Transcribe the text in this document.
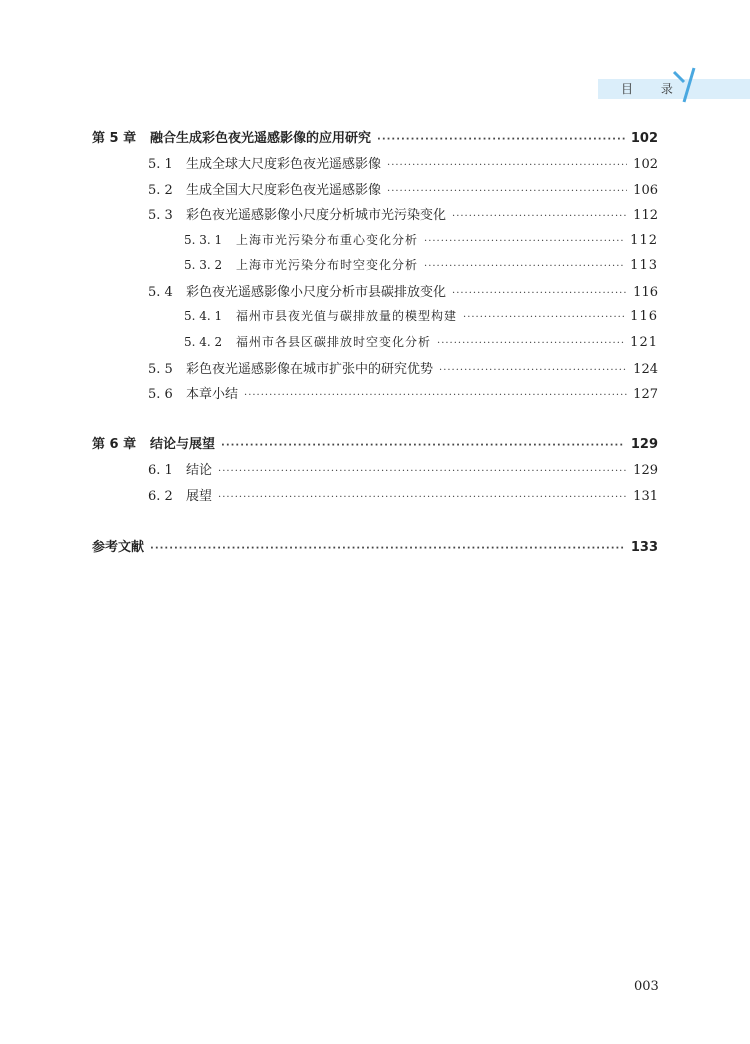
目 录
第 5 章	融合生成彩色夜光遥感影像的应用研究 ·····	102
5. 1	生成全球大尺度彩色夜光遥感影像 ·····	102
5. 2	生成全国大尺度彩色夜光遥感影像 ·····	106
5. 3	彩色夜光遥感影像小尺度分析城市光污染变化 ·····	112
5. 3. 1	上海市光污染分布重心变化分析 ·····	112
5. 3. 2	上海市光污染分布时空变化分析 ·····	113
5. 4	彩色夜光遥感影像小尺度分析市县碳排放变化 ·····	116
5. 4. 1	福州市县夜光值与碳排放量的模型构建 ·····	116
5. 4. 2	福州市各县区碳排放时空变化分析 ·····	121
5. 5	彩色夜光遥感影像在城市扩张中的研究优势 ·····	124
5. 6	本章小结 ·····	127
第 6 章	结论与展望 ·····	129
6. 1	结论 ·····	129
6. 2	展望 ·····	131
参考文献 ·····	133
003
